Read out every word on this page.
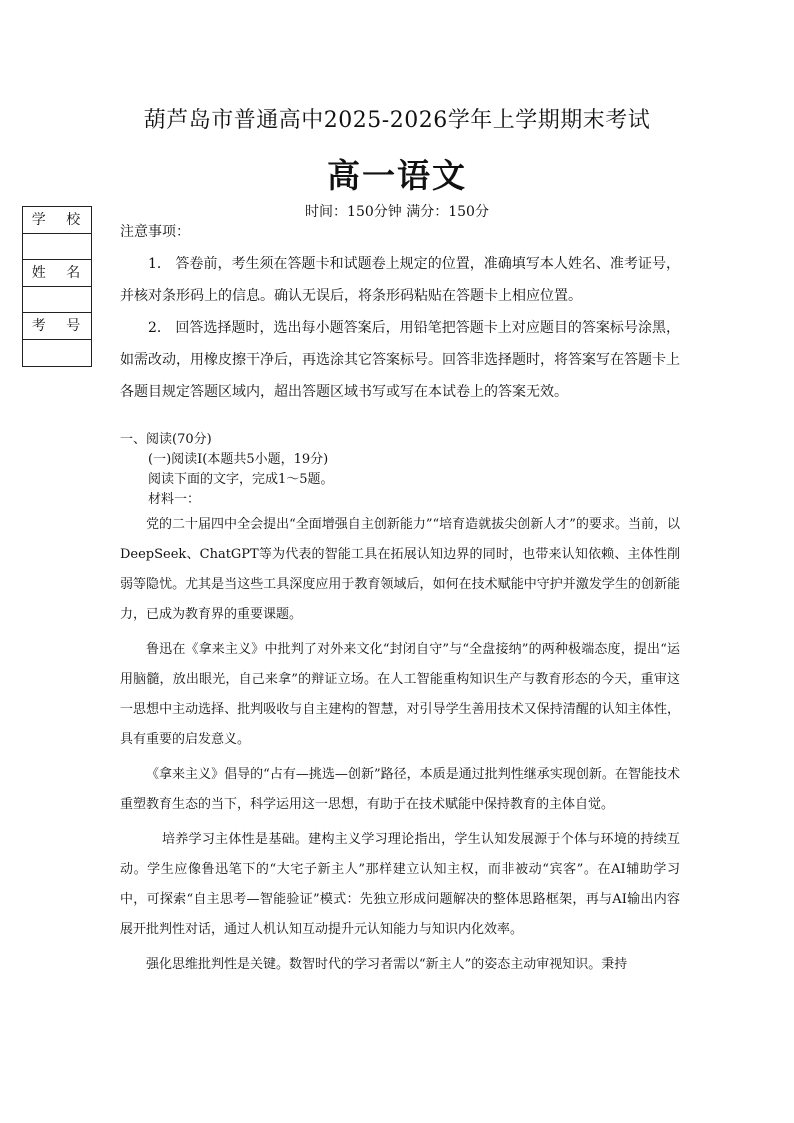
葫芦岛市普通高中2025-2026学年上学期期末考试
高一语文
时间：150分钟 满分：150分
学 校
姓 名
考 号
注意事项：
1． 答卷前，考生须在答题卡和试题卷上规定的位置，准确填写本人姓名、准考证号，并核对条形码上的信息。确认无误后，将条形码粘贴在答题卡上相应位置。
2． 回答选择题时，选出每小题答案后，用铅笔把答题卡上对应题目的答案标号涂黑，如需改动，用橡皮擦干净后，再选涂其它答案标号。回答非选择题时，将答案写在答题卡上各题目规定答题区域内，超出答题区域书写或写在本试卷上的答案无效。
一、阅读(70分)
(一)阅读Ⅰ(本题共5小题，19分)
阅读下面的文字，完成1～5题。
材料一：

党的二十届四中全会提出“全面增强自主创新能力”“培育造就拔尖创新人才”的要求。当前，以DeepSeek、ChatGPT等为代表的智能工具在拓展认知边界的同时，也带来认知依赖、主体性削弱等隐忧。尤其是当这些工具深度应用于教育领域后，如何在技术赋能中守护并激发学生的创新能力，已成为教育界的重要课题。

鲁迅在《拿来主义》中批判了对外来文化“封闭自守”与“全盘接纳”的两种极端态度，提出“运用脑髓，放出眼光，自己来拿”的辩证立场。在人工智能重构知识生产与教育形态的今天，重审这一思想中主动选择、批判吸收与自主建构的智慧，对引导学生善用技术又保持清醒的认知主体性，具有重要的启发意义。

《拿来主义》倡导的“占有—挑选—创新”路径，本质是通过批判性继承实现创新。在智能技术重塑教育生态的当下，科学运用这一思想，有助于在技术赋能中保持教育的主体自觉。

培养学习主体性是基础。建构主义学习理论指出，学生认知发展源于个体与环境的持续互动。学生应像鲁迅笔下的“大宅子新主人”那样建立认知主权，而非被动“宾客”。在AI辅助学习中，可探索“自主思考—智能验证”模式：先独立形成问题解决的整体思路框架，再与AI输出内容展开批判性对话，通过人机认知互动提升元认知能力与知识内化效率。

强化思维批判性是关键。数智时代的学习者需以“新主人”的姿态主动审视知识。秉持
